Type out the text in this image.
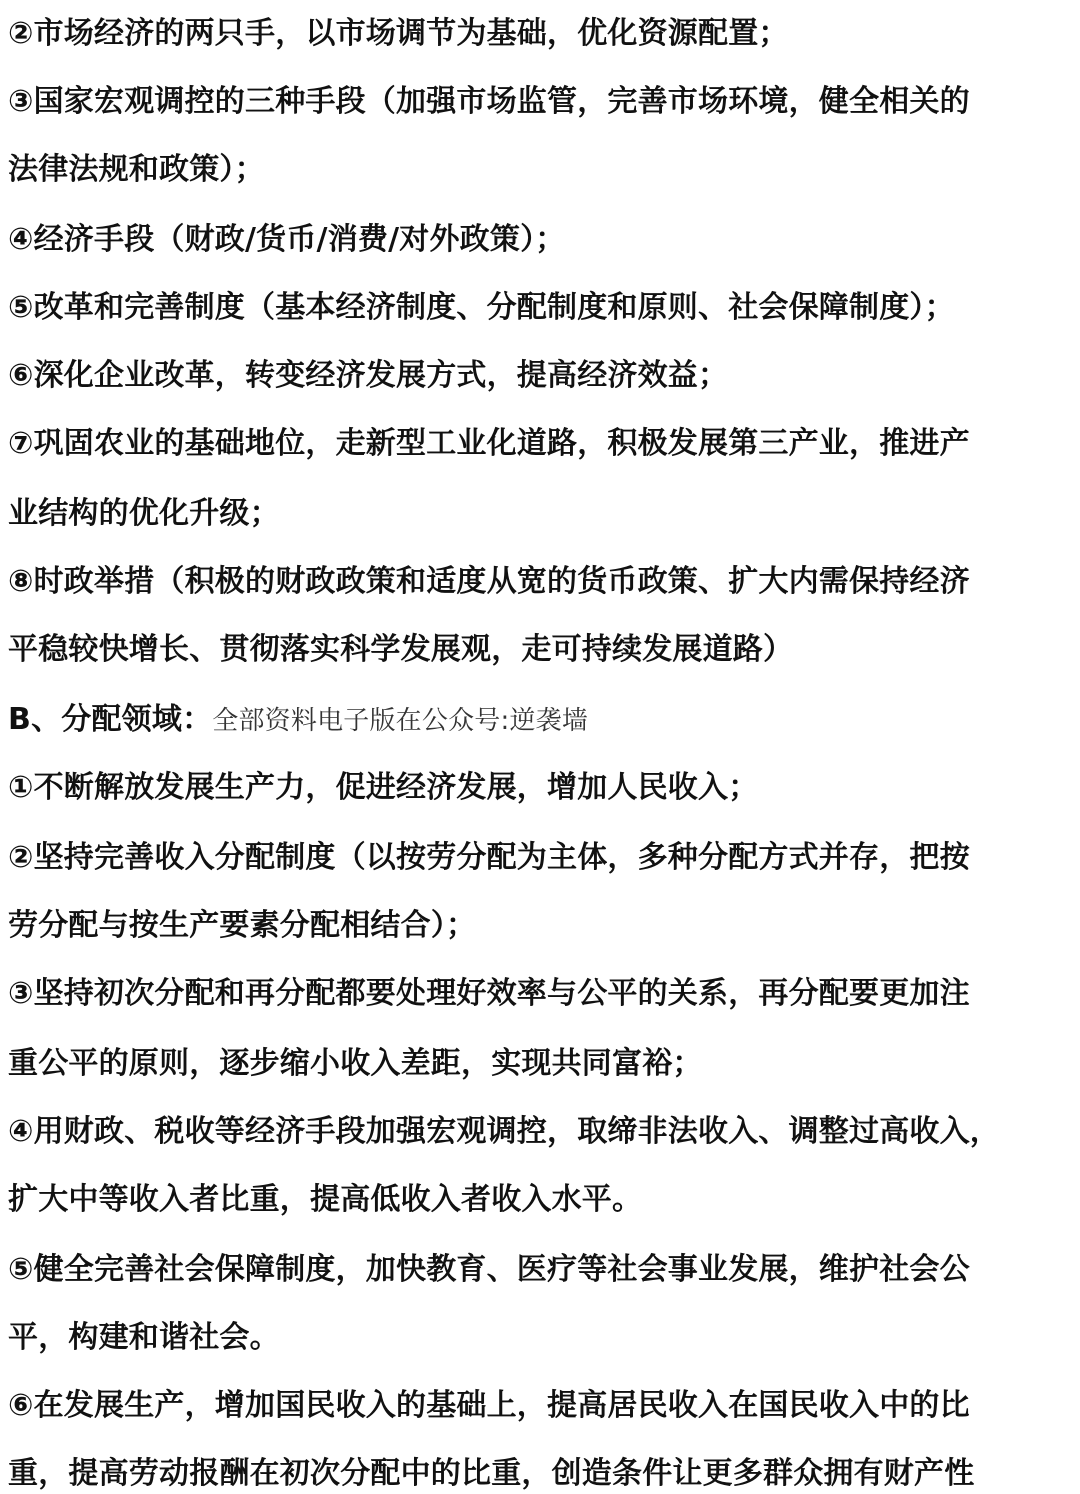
②市场经济的两只手，以市场调节为基础，优化资源配置；
③国家宏观调控的三种手段（加强市场监管，完善市场环境，健全相关的
法律法规和政策）；
④经济手段（财政/货币/消费/对外政策）；
⑤改革和完善制度（基本经济制度、分配制度和原则、社会保障制度）；
⑥深化企业改革，转变经济发展方式，提高经济效益；
⑦巩固农业的基础地位，走新型工业化道路，积极发展第三产业，推进产
业结构的优化升级；
⑧时政举措（积极的财政政策和适度从宽的货币政策、扩大内需保持经济
平稳较快增长、贯彻落实科学发展观，走可持续发展道路）
B、分配领域：全部资料电子版在公众号:逆袭墙
①不断解放发展生产力，促进经济发展，增加人民收入；
②坚持完善收入分配制度（以按劳分配为主体，多种分配方式并存，把按
劳分配与按生产要素分配相结合）；
③坚持初次分配和再分配都要处理好效率与公平的关系，再分配要更加注
重公平的原则，逐步缩小收入差距，实现共同富裕；
④用财政、税收等经济手段加强宏观调控，取缔非法收入、调整过高收入，
扩大中等收入者比重，提高低收入者收入水平。
⑤健全完善社会保障制度，加快教育、医疗等社会事业发展，维护社会公
平，构建和谐社会。
⑥在发展生产，增加国民收入的基础上，提高居民收入在国民收入中的比
重，提高劳动报酬在初次分配中的比重，创造条件让更多群众拥有财产性
